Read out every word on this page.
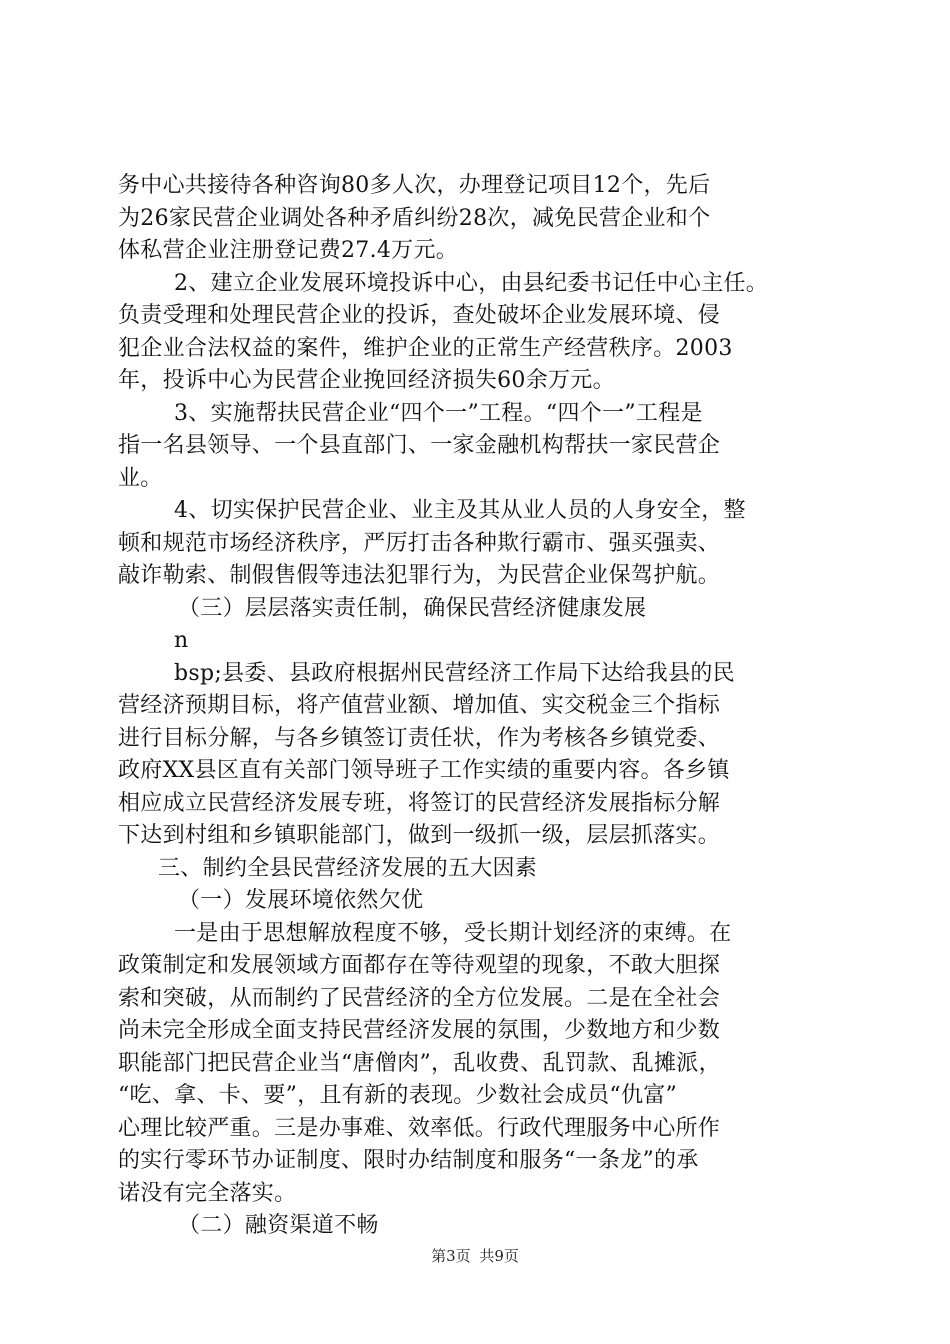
务中心共接待各种咨询80多人次，办理登记项目12个，先后
为26家民营企业调处各种矛盾纠纷28次，减免民营企业和个
体私营企业注册登记费27.4万元。
2、建立企业发展环境投诉中心，由县纪委书记任中心主任。
负责受理和处理民营企业的投诉，查处破坏企业发展环境、侵
犯企业合法权益的案件，维护企业的正常生产经营秩序。2003
年，投诉中心为民营企业挽回经济损失60余万元。
3、实施帮扶民营企业“四个一”工程。“四个一”工程是
指一名县领导、一个县直部门、一家金融机构帮扶一家民营企
业。
4、切实保护民营企业、业主及其从业人员的人身安全，整
顿和规范市场经济秩序，严厉打击各种欺行霸市、强买强卖、
敲诈勒索、制假售假等违法犯罪行为，为民营企业保驾护航。
（三）层层落实责任制，确保民营经济健康发展
n
bsp;县委、县政府根据州民营经济工作局下达给我县的民
营经济预期目标，将产值营业额、增加值、实交税金三个指标
进行目标分解，与各乡镇签订责任状，作为考核各乡镇党委、
政府XX县区直有关部门领导班子工作实绩的重要内容。各乡镇
相应成立民营经济发展专班，将签订的民营经济发展指标分解
下达到村组和乡镇职能部门，做到一级抓一级，层层抓落实。
三、制约全县民营经济发展的五大因素
（一）发展环境依然欠优
一是由于思想解放程度不够，受长期计划经济的束缚。在
政策制定和发展领域方面都存在等待观望的现象，不敢大胆探
索和突破，从而制约了民营经济的全方位发展。二是在全社会
尚未完全形成全面支持民营经济发展的氛围，少数地方和少数
职能部门把民营企业当“唐僧肉”，乱收费、乱罚款、乱摊派，
“吃、拿、卡、要”，且有新的表现。少数社会成员“仇富”
心理比较严重。三是办事难、效率低。行政代理服务中心所作
的实行零环节办证制度、限时办结制度和服务“一条龙”的承
诺没有完全落实。
（二）融资渠道不畅
第3页 共9页
